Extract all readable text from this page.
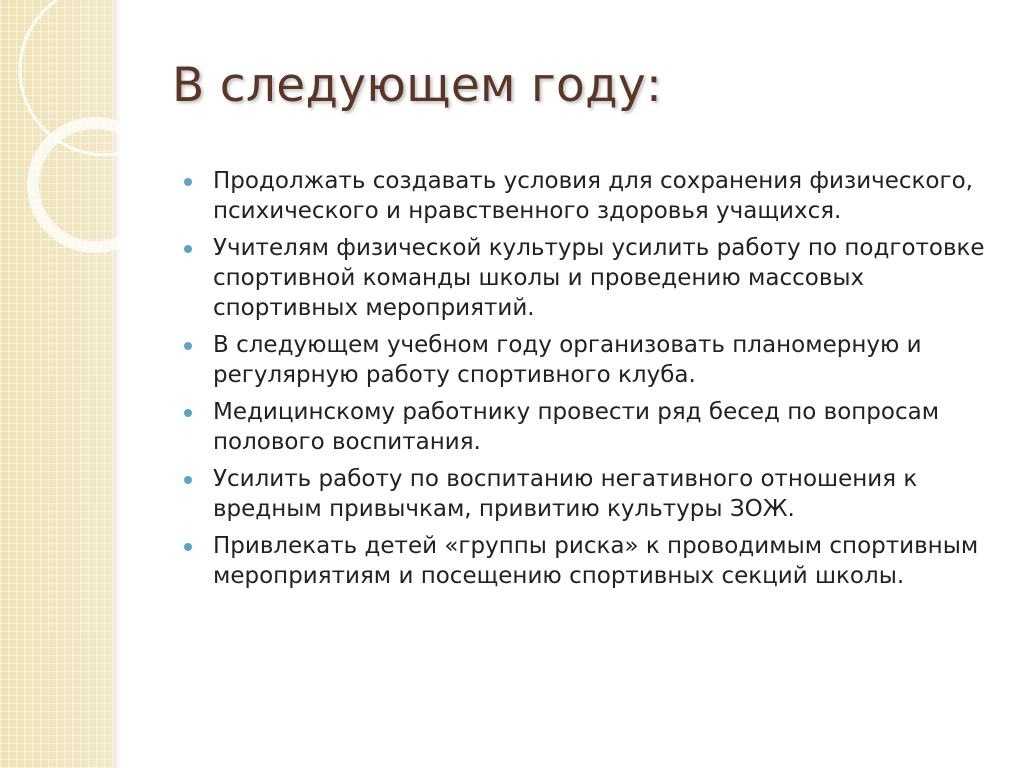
В следующем году:
Продолжать создавать условия для сохранения физического, психического и нравственного здоровья учащихся.
Учителям физической культуры усилить работу по подготовке спортивной команды школы и проведению массовых спортивных мероприятий.
В следующем учебном году организовать планомерную и регулярную работу спортивного клуба.
Медицинскому работнику провести ряд бесед по вопросам полового воспитания.
Усилить работу по воспитанию негативного отношения к вредным привычкам, привитию культуры ЗОЖ.
Привлекать детей «группы риска» к проводимым спортивным мероприятиям и посещению спортивных секций школы.
